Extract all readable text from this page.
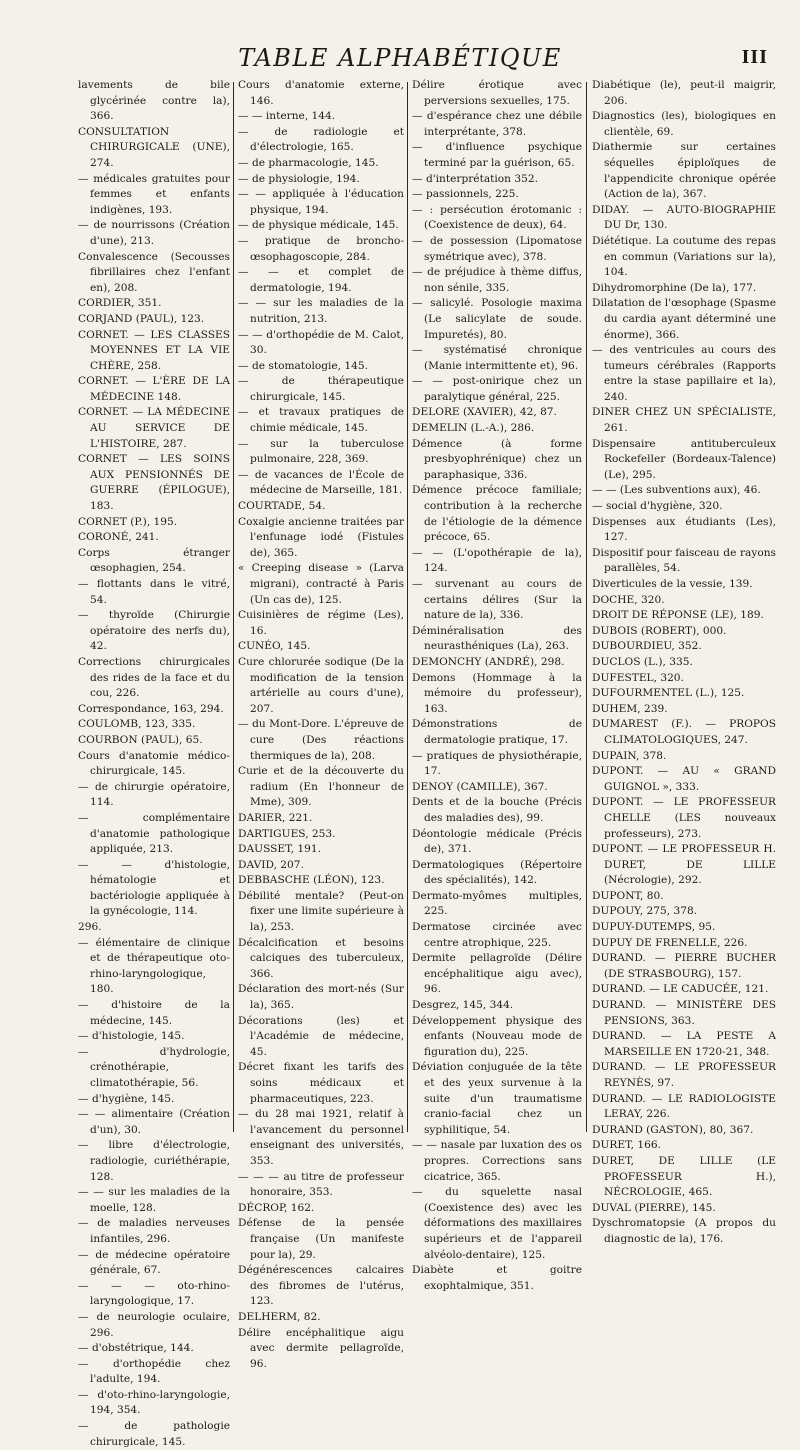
TABLE ALPHABÉTIQUE	III

lavements de bile glycérinée contre la), 366.

CONSULTATION CHIRURGICALE (UNE), 274.

— médicales gratuites pour femmes et enfants indigènes, 193.

— de nourrissons (Création d'une), 213.

Convalescence (Secousses fibrillaires chez l'enfant en), 208.

CORDIER, 351.

CORJAND (PAUL), 123.

CORNET. — LES CLASSES MOYENNES ET LA VIE CHÈRE, 258.

CORNET. — L'ÈRE DE LA MÉDECINE 148.

CORNET. — LA MÉDECINE AU SERVICE DE L'HISTOIRE, 287.

CORNET — LES SOINS AUX PENSIONNÉS DE GUERRE (ÉPILOGUE), 183.

CORNET (P.), 195.

CORONÉ, 241.

Corps étranger œsophagien, 254.

— flottants dans le vitré, 54.

— thyroïde (Chirurgie opératoire des nerfs du), 42.

Corrections chirurgicales des rides de la face et du cou, 226.

Correspondance, 163, 294.

COULOMB, 123, 335.

COURBON (PAUL), 65.

Cours d'anatomie médico-chirurgicale, 145.

— de chirurgie opératoire, 114.

— complémentaire d'anatomie pathologique appliquée, 213.

— — d'histologie, hématologie et bactériologie appliquée à la gynécologie, 114.

296.

— élémentaire de clinique et de thérapeutique oto-rhino-laryngologique, 180.

— d'histoire de la médecine, 145.

— d'histologie, 145.

— d'hydrologie, crénothérapie, climatothérapie, 56.

— d'hygiène, 145.

— — alimentaire (Création d'un), 30.

— libre d'électrologie, radiologie, curiéthérapie, 128.

— — sur les maladies de la moelle, 128.

— de maladies nerveuses infantiles, 296.

— de médecine opératoire générale, 67.

— — — oto-rhino-laryngologique, 17.

— de neurologie oculaire, 296.

— d'obstétrique, 144.

— d'orthopédie chez l'adulte, 194.

— d'oto-rhino-laryngologie, 194, 354.

— de pathologie chirurgicale, 145.

Cours d'anatomie externe, 146.

— — interne, 144.

— de radiologie et d'électrologie, 165.

— de pharmacologie, 145.

— de physiologie, 194.

— — appliquée à l'éducation physique, 194.

— de physique médicale, 145.

— pratique de broncho-œsophagoscopie, 284.

— — et complet de dermatologie, 194.

— — sur les maladies de la nutrition, 213.

— — d'orthopédie de M. Calot, 30.

— de stomatologie, 145.

— de thérapeutique chirurgicale, 145.

— et travaux pratiques de chimie médicale, 145.

— sur la tuberculose pulmonaire, 228, 369.

— de vacances de l'École de médecine de Marseille, 181.

COURTADE, 54.

Coxalgie ancienne traitées par l'enfunage iodé (Fistules de), 365.

« Creeping disease » (Larva migrani), contracté à Paris (Un cas de), 125.

Cuisinières de régime (Les), 16.

CUNÉO, 145.

Cure chlorurée sodique (De la modification de la tension artérielle au cours d'une), 207.

— du Mont-Dore. L'épreuve de cure (Des réactions thermiques de la), 208.

Curie et de la découverte du radium (En l'honneur de Mme), 309.

DARIER, 221.

DARTIGUES, 253.

DAUSSET, 191.

DAVID, 207.

DEBBASCHE (LÉON), 123.

Débilité mentale? (Peut-on fixer une limite supérieure à la), 253.

Décalcification et besoins calciques des tuberculeux, 366.

Déclaration des mort-nés (Sur la), 365.

Décorations (les) et l'Académie de médecine, 45.

Décret fixant les tarifs des soins médicaux et pharmaceutiques, 223.

— du 28 mai 1921, relatif à l'avancement du personnel enseignant des universités, 353.

— — — au titre de professeur honoraire, 353.

DÉCROP, 162.

Défense de la pensée française (Un manifeste pour la), 29.

Dégénérescences calcaires des fibromes de l'utérus, 123.

DELHERM, 82.

Délire encéphalitique aigu avec dermite pellagroïde, 96.

Délire érotique avec perversions sexuelles, 175.

— d'espérance chez une débile interprétante, 378.

— d'influence psychique terminé par la guérison, 65.

— d'interprétation 352.

— passionnels, 225.

— : persécution érotomanic : (Coexistence de deux), 64.

— de possession (Lipomatose symétrique avec), 378.

— de préjudice à thème diffus, non sénile, 335.

— salicylé. Posologie maxima (Le salicylate de soude. Impuretés), 80.

— systématisé chronique (Manie intermittente et), 96.

— — post-onirique chez un paralytique général, 225.

DELORE (XAVIER), 42, 87.

DEMELIN (L.-A.), 286.

Démence (à forme presbyophrénique) chez un paraphasique, 336.

Démence précoce familiale; contribution à la recherche de l'étiologie de la démence précoce, 65.

— — (L'opothérapie de la), 124.

— survenant au cours de certains délires (Sur la nature de la), 336.

Déminéralisation des neurasthéniques (La), 263.

DEMONCHY (ANDRÉ), 298.

Demons (Hommage à la mémoire du professeur), 163.

Démonstrations de dermatologie pratique, 17.

— pratiques de physiothérapie, 17.

DENOY (CAMILLE), 367.

Dents et de la bouche (Précis des maladies des), 99.

Déontologie médicale (Précis de), 371.

Dermatologiques (Répertoire des spécialités), 142.

Dermato-myômes multiples, 225.

Dermatose circinée avec centre atrophique, 225.

Dermite pellagroïde (Délire encéphalitique aigu avec), 96.

Desgrez, 145, 344.

Développement physique des enfants (Nouveau mode de figuration du), 225.

Déviation conjuguée de la tête et des yeux survenue à la suite d'un traumatisme cranio-facial chez un syphilitique, 54.

— — nasale par luxation des os propres. Corrections sans cicatrice, 365.

— du squelette nasal (Coexistence des) avec les déformations des maxillaires supérieurs et de l'appareil alvéolo-dentaire), 125.

Diabète et goitre exophtalmique, 351.

Diabétique (le), peut-il maigrir, 206.

Diagnostics (les), biologiques en clientèle, 69.

Diathermie sur certaines séquelles épiploïques de l'appendicite chronique opérée (Action de la), 367.

DIDAY. — AUTO-BIOGRAPHIE DU Dr, 130.

Diététique. La coutume des repas en commun (Variations sur la), 104.

Dihydromorphine (De la), 177.

Dilatation de l'œsophage (Spasme du cardia ayant déterminé une énorme), 366.

— des ventricules au cours des tumeurs cérébrales (Rapports entre la stase papillaire et la), 240.

DINER CHEZ UN SPÉCIALISTE, 261.

Dispensaire antituberculeux Rockefeller (Bordeaux-Talence) (Le), 295.

— — (Les subventions aux), 46.

— social d'hygiène, 320.

Dispenses aux étudiants (Les), 127.

Dispositif pour faisceau de rayons parallèles, 54.

Diverticules de la vessie, 139.

DOCHE, 320.

DROIT DE RÉPONSE (LE), 189.

DUBOIS (ROBERT), 000.

DUBOURDIEU, 352.

DUCLOS (L.), 335.

DUFESTEL, 320.

DUFOURMENTEL (L.), 125.

DUHEM, 239.

DUMAREST (F.). — PROPOS CLIMATOLOGIQUES, 247.

DUPAIN, 378.

DUPONT. — AU « GRAND GUIGNOL », 333.

DUPONT. — LE PROFESSEUR CHELLE (LES nouveaux professeurs), 273.

DUPONT. — LE PROFESSEUR H. DURET, DE LILLE (Nécrologie), 292.

DUPONT, 80.

DUPOUY, 275, 378.

DUPUY-DUTEMPS, 95.

DUPUY DE FRENELLE, 226.

DURAND. — PIERRE BUCHER (DE STRASBOURG), 157.

DURAND. — LE CADUCÉE, 121.

DURAND. — MINISTÈRE DES PENSIONS, 363.

DURAND. — LA PESTE A MARSEILLE EN 1720-21, 348.

DURAND. — LE PROFESSEUR REYNÈS, 97.

DURAND. — LE RADIOLOGISTE LERAY, 226.

DURAND (GASTON), 80, 367.

DURET, 166.

DURET, DE LILLE (LE PROFESSEUR H.), NÉCROLOGIE, 465.

DUVAL (PIERRE), 145.

Dyschromatopsie (A propos du diagnostic de la), 176.
